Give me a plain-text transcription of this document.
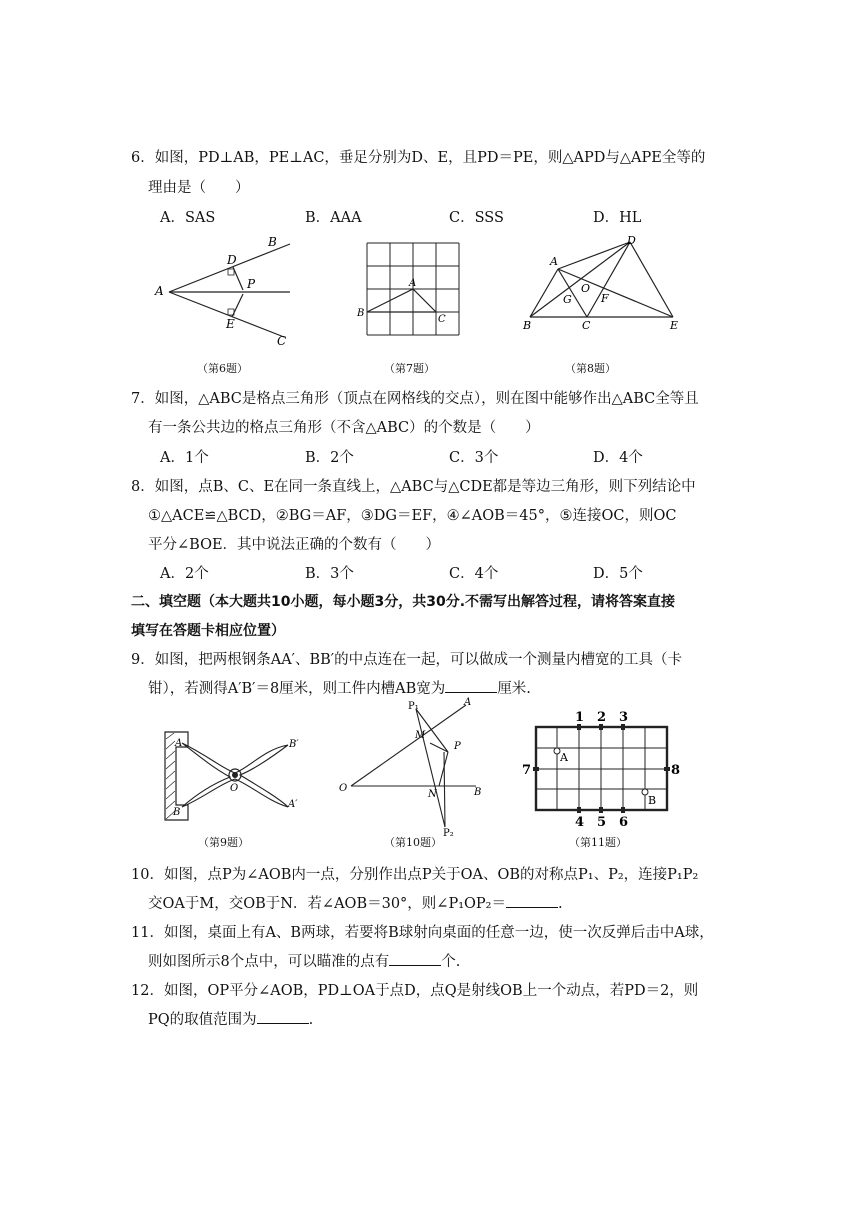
6．如图，PD⊥AB，PE⊥AC，垂足分别为D、E，且PD＝PE，则△APD与△APE全等的
理由是（　　）
A．SAS	B．AAA	C．SSS	D．HL
A
B
C
D
E
P
（第6题）
A
B
C
（第7题）
A
B	C
D
E
F
G
O
（第8题）
7．如图，△ABC是格点三角形（顶点在网格线的交点），则在图中能够作出△ABC全等且
有一条公共边的格点三角形（不含△ABC）的个数是（　　）
A．1个	B．2个	C．3个	D．4个
8．如图，点B、C、E在同一条直线上，△ABC与△CDE都是等边三角形，则下列结论中
①△ACE≌△BCD，②BG＝AF，③DG＝EF，④∠AOB＝45°，⑤连接OC，则OC
平分∠BOE．其中说法正确的个数有（　　）
A．2个	B．3个	C．4个	D．5个
二、填空题（本大题共10小题，每小题3分，共30分.不需写出解答过程，请将答案直接
填写在答题卡相应位置）
9．如图，把两根钢条AA′、BB′的中点连在一起，可以做成一个测量内槽宽的工具（卡
钳），若测得A′B′＝8厘米，则工件内槽AB宽为	厘米.
A
B
B′
A′
O
（第9题）
O
A
B
M
N
P
P₁
P₂
（第10题）
1 2 3
4 5 6
7	8
A
B
（第11题）
10．如图，点P为∠AOB内一点，分别作出点P关于OA、OB的对称点P₁、P₂，连接P₁P₂
交OA于M，交OB于N．若∠AOB＝30°，则∠P₁OP₂＝	.
11．如图，桌面上有A、B两球，若要将B球射向桌面的任意一边，使一次反弹后击中A球，
则如图所示8个点中，可以瞄准的点有	个.
12．如图，OP平分∠AOB，PD⊥OA于点D，点Q是射线OB上一个动点，若PD＝2，则
PQ的取值范围为	.
